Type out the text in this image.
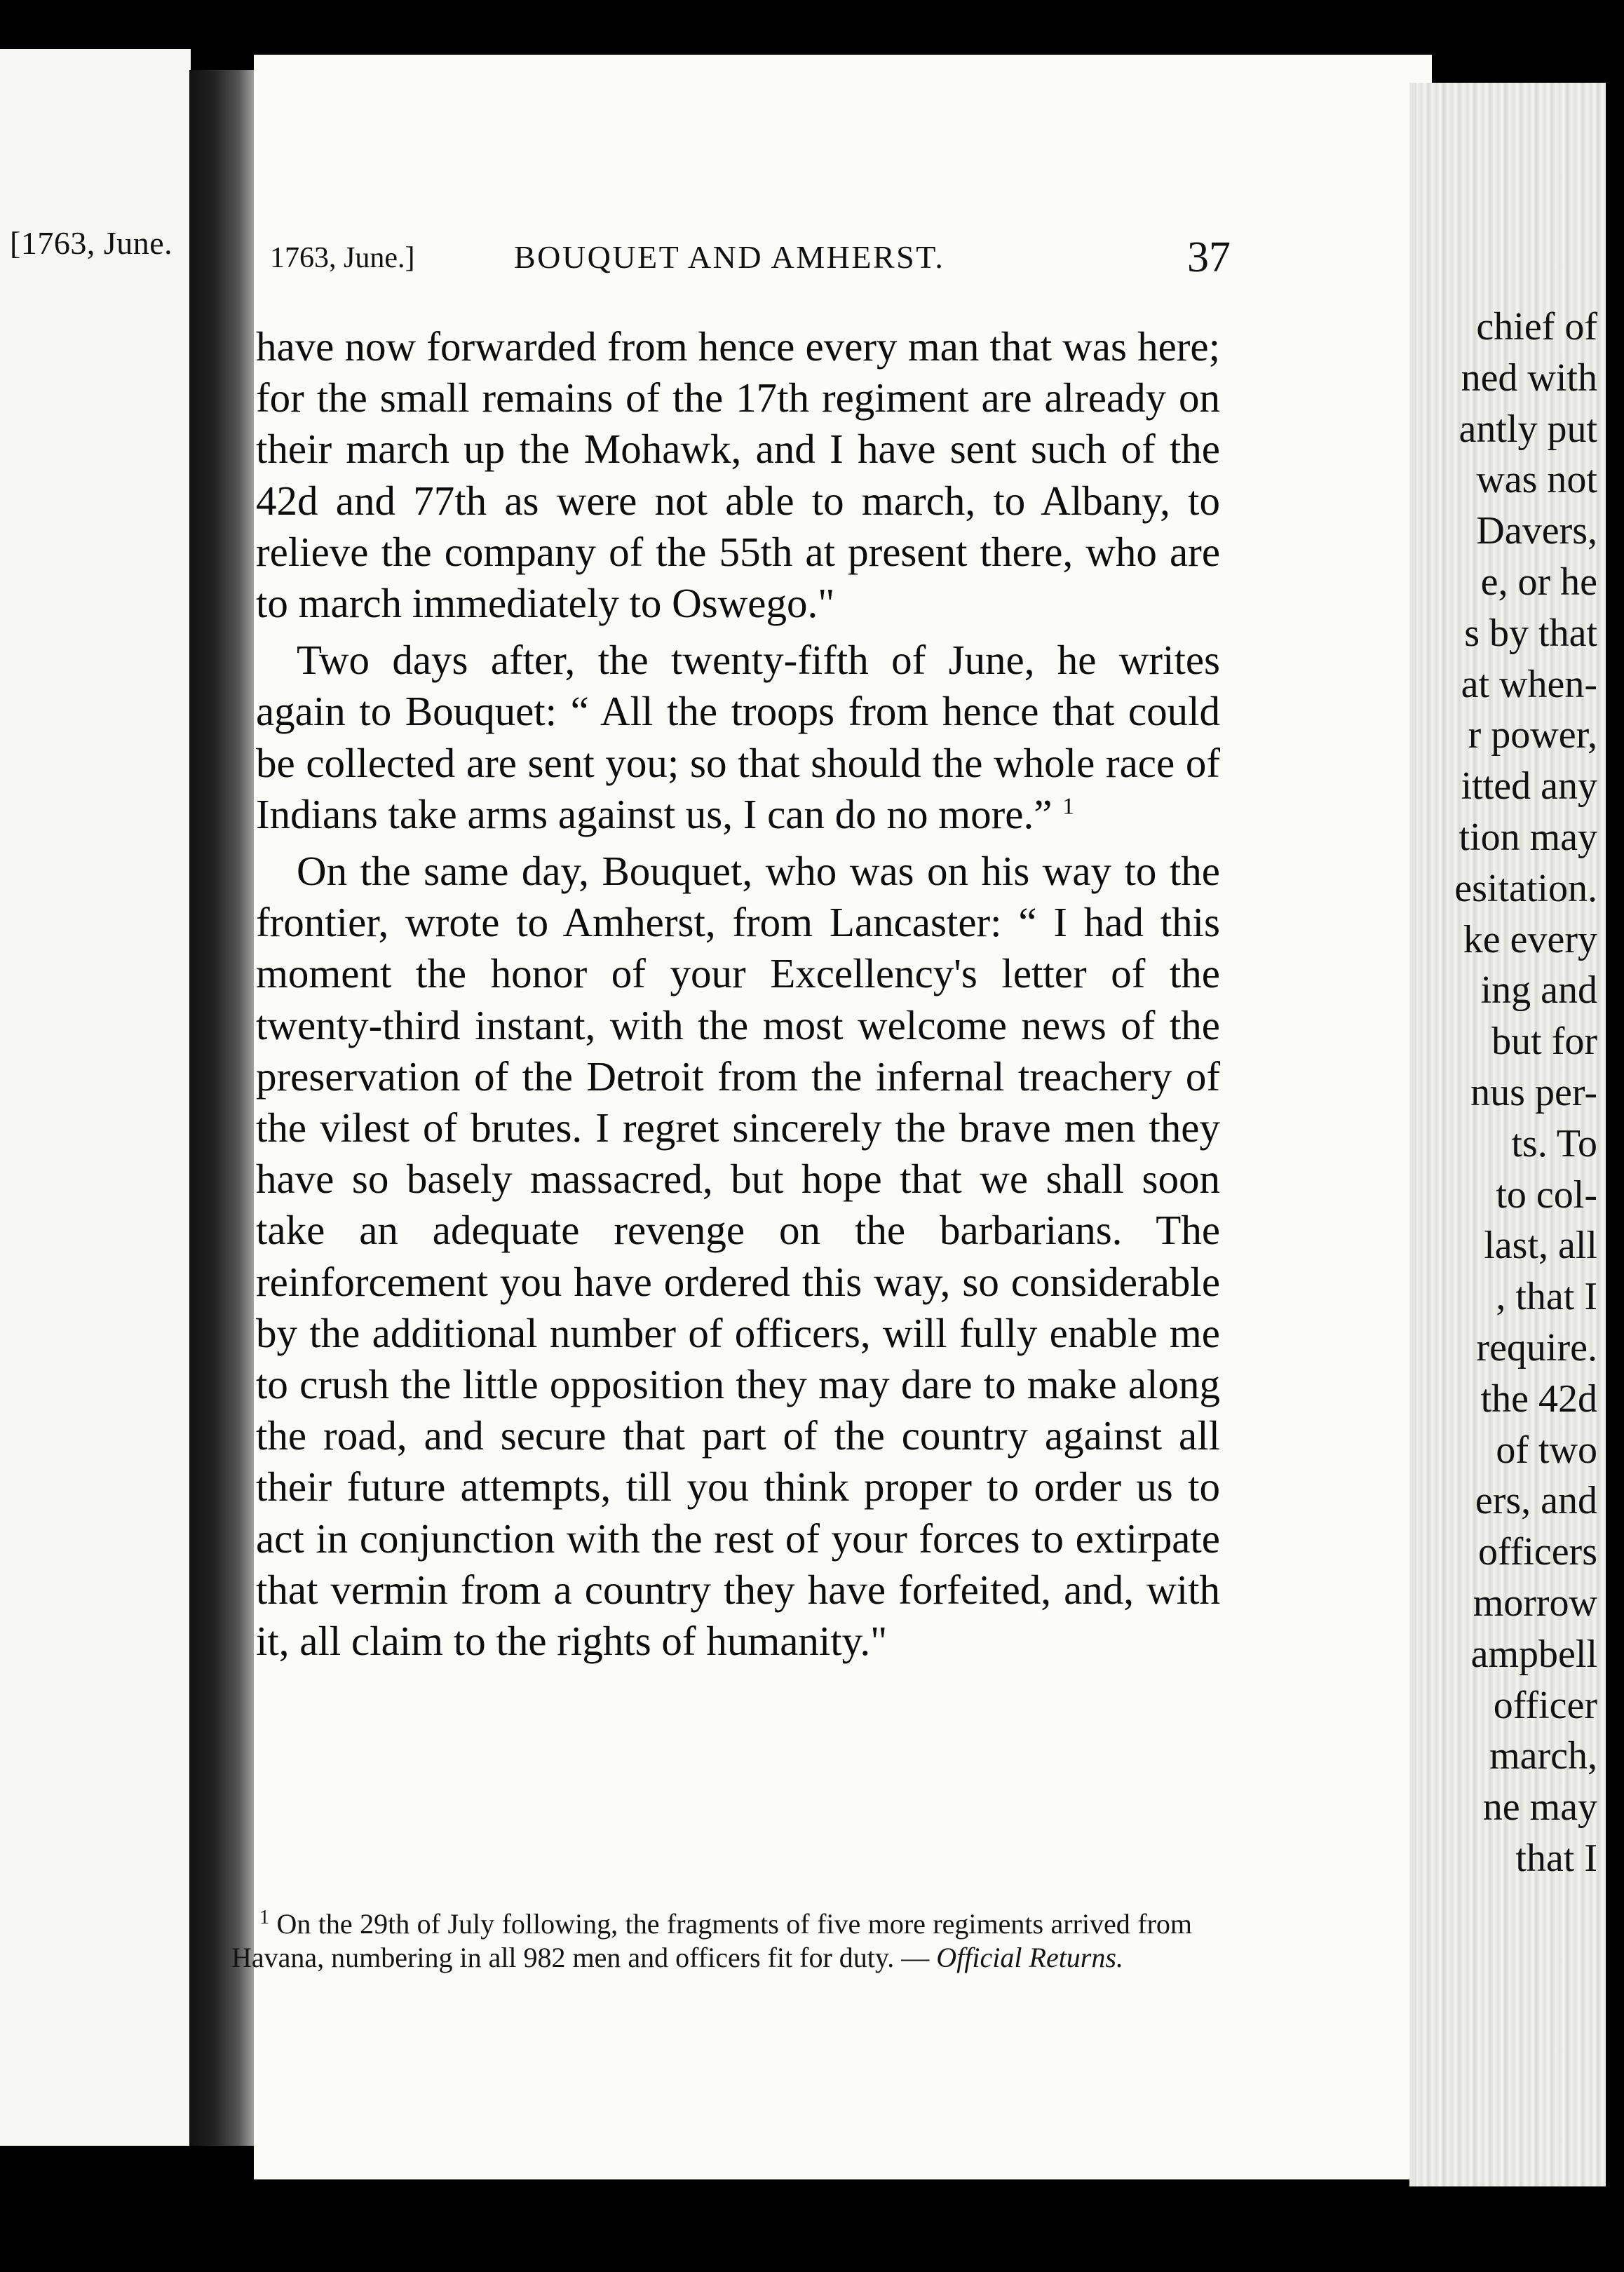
[1763, June.
chief of
ned with
antly put
was not
Davers,
e, or he
s by that
at when-
r power,
itted any
tion may
esitation.
ke every
ing and
but for
nus per-
ts. To
to col-
last, all
, that I
require.
the 42d
of two
ers, and
officers
morrow
ampbell
officer
march,
ne may
that I
1763, June.]	BOUQUET AND AMHERST.	37

have now forwarded from hence every man that was here; for the small remains of the 17th regiment are already on their march up the Mohawk, and I have sent such of the 42d and 77th as were not able to march, to Albany, to relieve the company of the 55th at present there, who are to march immediately to Oswego."

Two days after, the twenty-fifth of June, he writes again to Bouquet: “ All the troops from hence that could be collected are sent you; so that should the whole race of Indians take arms against us, I can do no more.” $^1$

On the same day, Bouquet, who was on his way to the frontier, wrote to Amherst, from Lancaster: “ I had this moment the honor of your Excellency's letter of the twenty-third instant, with the most welcome news of the preservation of the Detroit from the infernal treachery of the vilest of brutes. I regret sincerely the brave men they have so basely massacred, but hope that we shall soon take an adequate revenge on the barbarians. The reinforcement you have ordered this way, so considerable by the additional number of officers, will fully enable me to crush the little opposition they may dare to make along the road, and secure that part of the country against all their future attempts, till you think proper to order us to act in conjunction with the rest of your forces to extirpate that vermin from a country they have forfeited, and, with it, all claim to the rights of humanity."

$^1$ On the 29th of July following, the fragments of five more regiments arrived from Havana, numbering in all 982 men and officers fit for duty. — Official Returns.
